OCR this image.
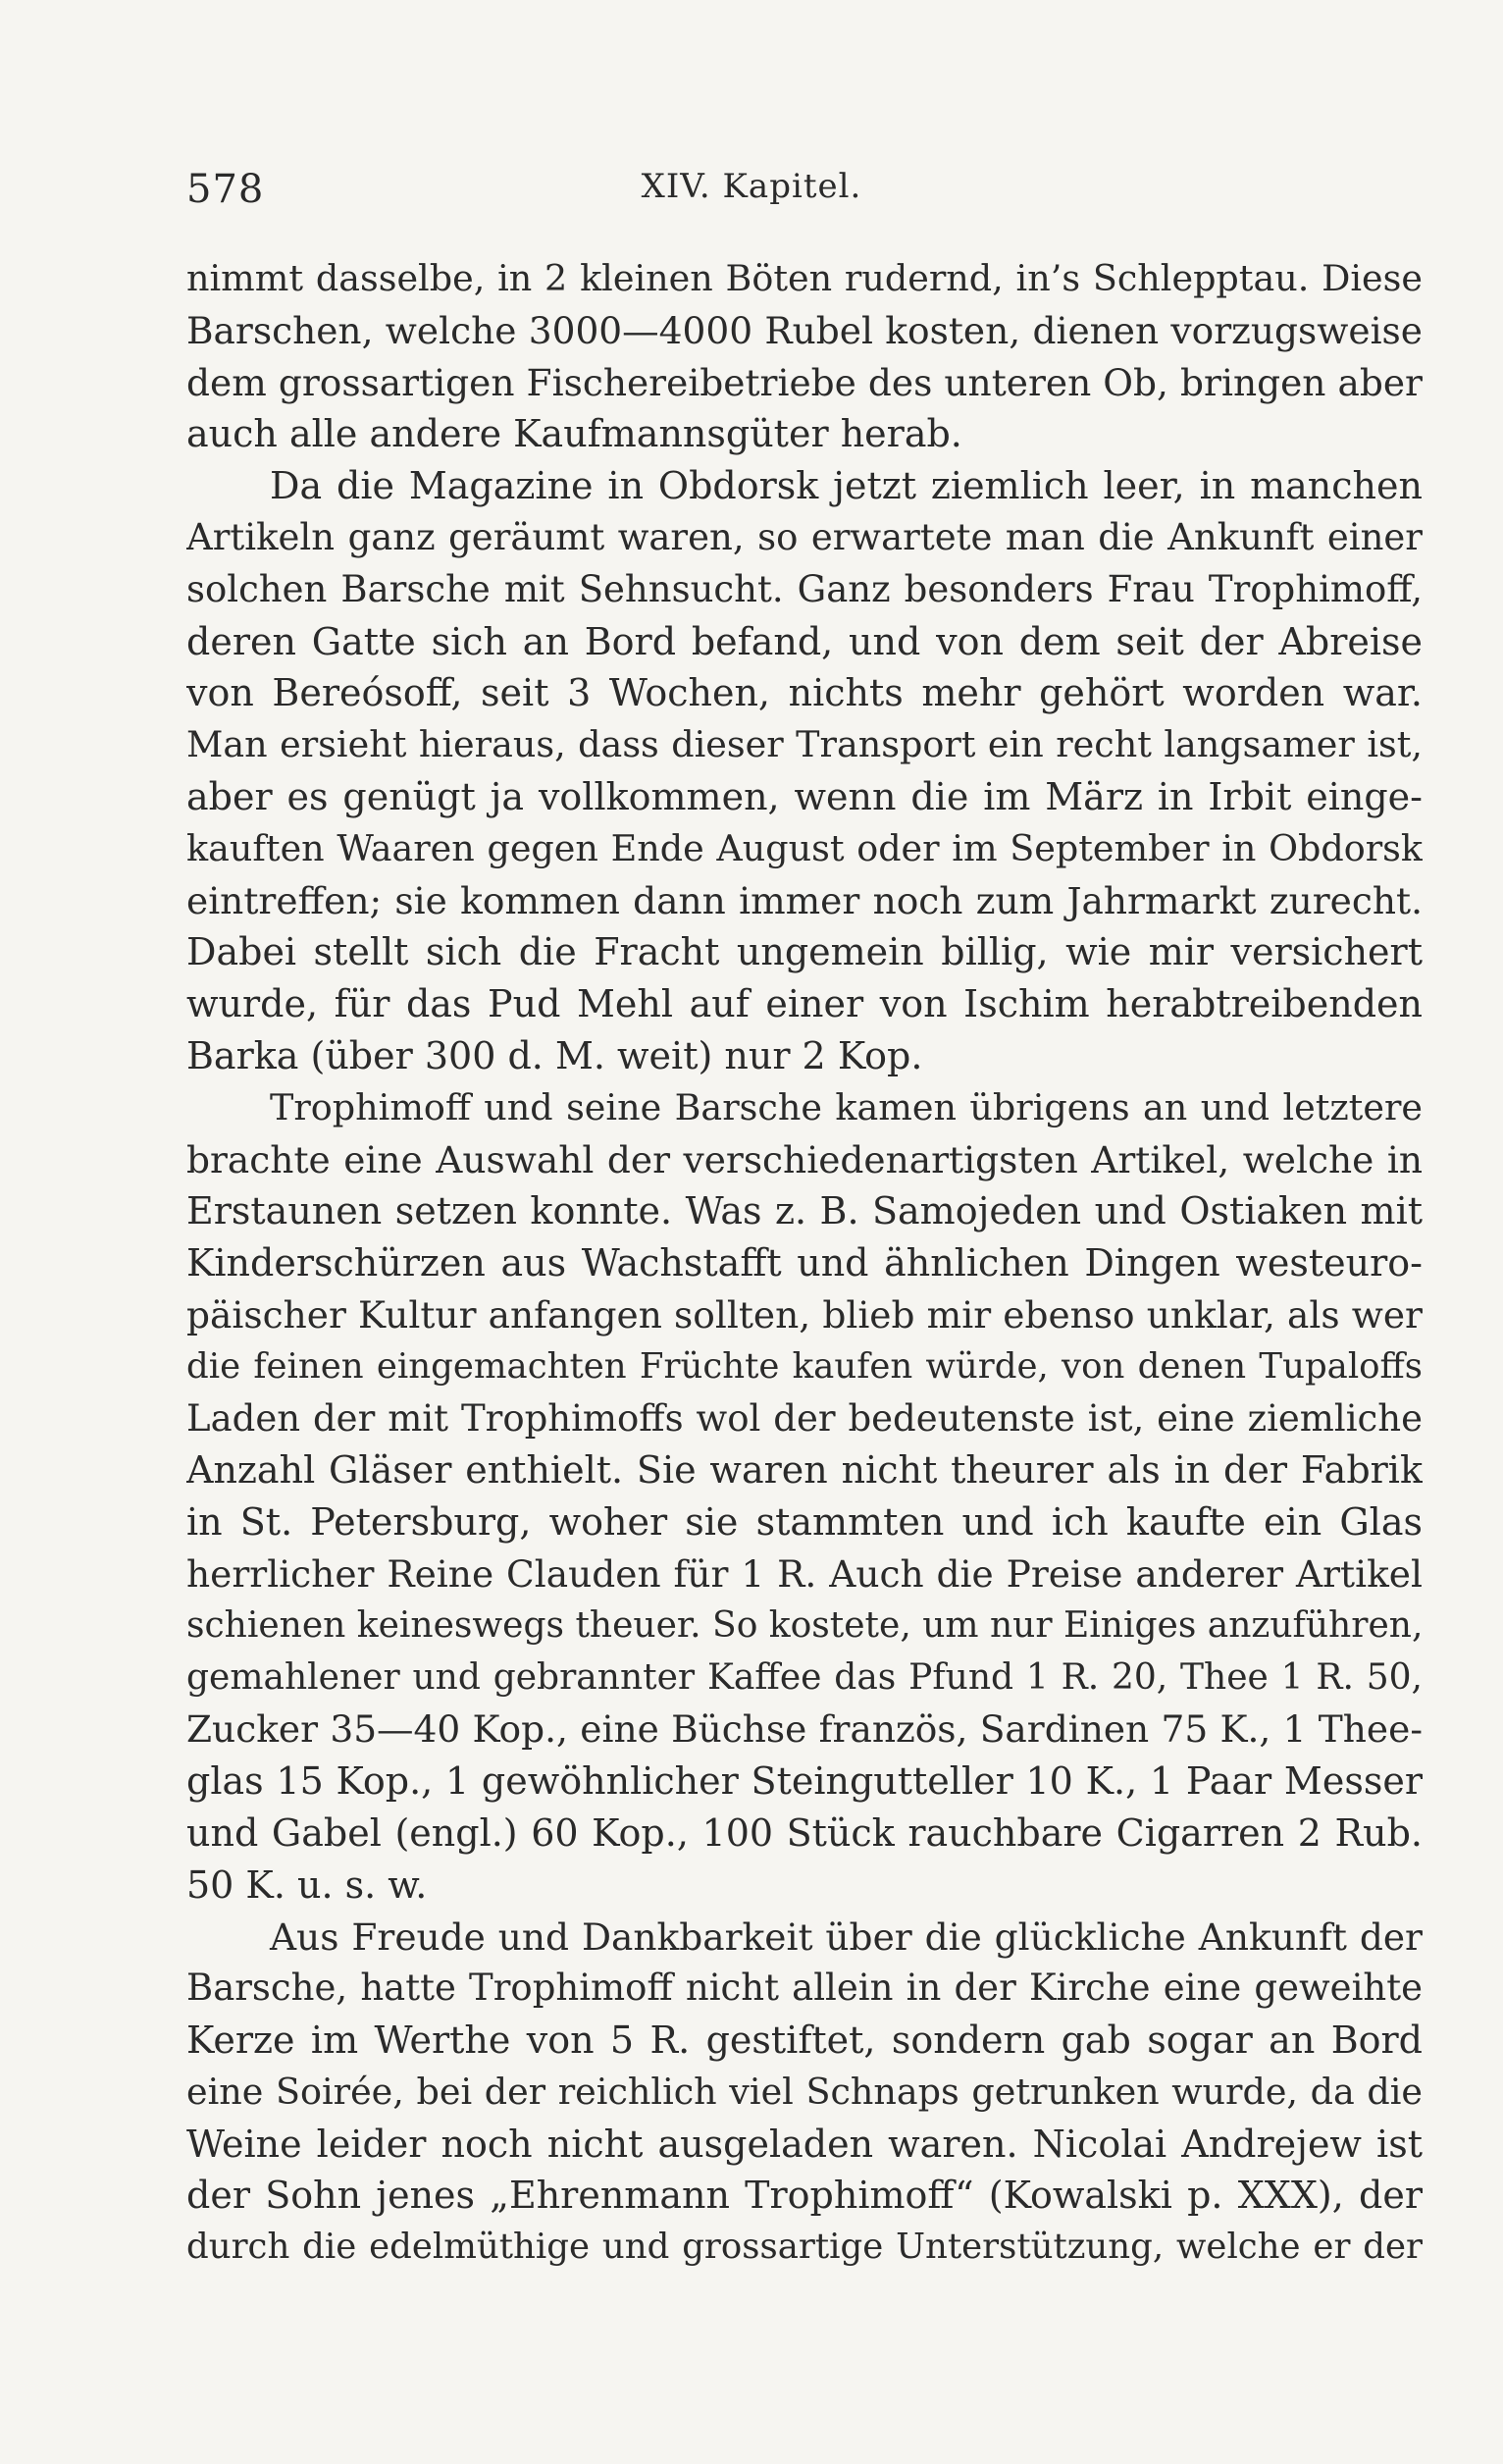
578	XIV. Kapitel.
nimmt dasselbe, in 2 kleinen Böten rudernd, in’s Schlepptau. Diese
Barschen, welche 3000—4000 Rubel kosten, dienen vorzugsweise
dem grossartigen Fischereibetriebe des unteren Ob, bringen aber
auch alle andere Kaufmannsgüter herab.
Da die Magazine in Obdorsk jetzt ziemlich leer, in manchen
Artikeln ganz geräumt waren, so erwartete man die Ankunft einer
solchen Barsche mit Sehnsucht. Ganz besonders Frau Trophimoff,
deren Gatte sich an Bord befand, und von dem seit der Abreise
von Bereósoff, seit 3 Wochen, nichts mehr gehört worden war.
Man ersieht hieraus, dass dieser Transport ein recht langsamer ist,
aber es genügt ja vollkommen, wenn die im März in Irbit einge-
kauften Waaren gegen Ende August oder im September in Obdorsk
eintreffen; sie kommen dann immer noch zum Jahrmarkt zurecht.
Dabei stellt sich die Fracht ungemein billig, wie mir versichert
wurde, für das Pud Mehl auf einer von Ischim herabtreibenden
Barka (über 300 d. M. weit) nur 2 Kop.
Trophimoff und seine Barsche kamen übrigens an und letztere
brachte eine Auswahl der verschiedenartigsten Artikel, welche in
Erstaunen setzen konnte. Was z. B. Samojeden und Ostiaken mit
Kinderschürzen aus Wachstafft und ähnlichen Dingen westeuro-
päischer Kultur anfangen sollten, blieb mir ebenso unklar, als wer
die feinen eingemachten Früchte kaufen würde, von denen Tupaloffs
Laden der mit Trophimoffs wol der bedeutenste ist, eine ziemliche
Anzahl Gläser enthielt. Sie waren nicht theurer als in der Fabrik
in St. Petersburg, woher sie stammten und ich kaufte ein Glas
herrlicher Reine Clauden für 1 R. Auch die Preise anderer Artikel
schienen keineswegs theuer. So kostete, um nur Einiges anzuführen,
gemahlener und gebrannter Kaffee das Pfund 1 R. 20, Thee 1 R. 50,
Zucker 35—40 Kop., eine Büchse französ, Sardinen 75 K., 1 Thee-
glas 15 Kop., 1 gewöhnlicher Steingutteller 10 K., 1 Paar Messer
und Gabel (engl.) 60 Kop., 100 Stück rauchbare Cigarren 2 Rub.
50 K. u. s. w.
Aus Freude und Dankbarkeit über die glückliche Ankunft der
Barsche, hatte Trophimoff nicht allein in der Kirche eine geweihte
Kerze im Werthe von 5 R. gestiftet, sondern gab sogar an Bord
eine Soirée, bei der reichlich viel Schnaps getrunken wurde, da die
Weine leider noch nicht ausgeladen waren. Nicolai Andrejew ist
der Sohn jenes „Ehrenmann Trophimoff“ (Kowalski p. XXX), der
durch die edelmüthige und grossartige Unterstützung, welche er der
